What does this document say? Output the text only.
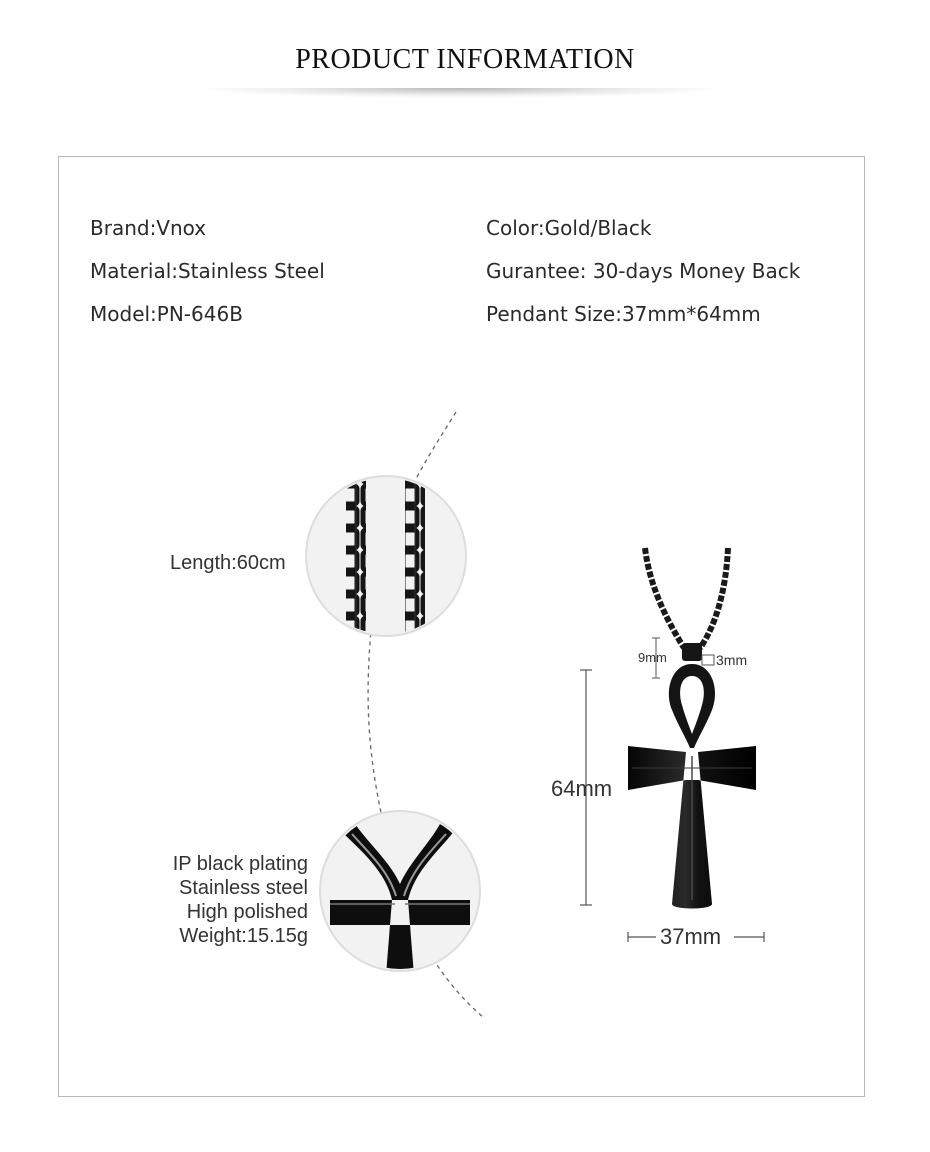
PRODUCT INFORMATION
Brand:Vnox
Material:Stainless Steel
Model:PN-646B
Color:Gold/Black
Gurantee: 30-days Money Back
Pendant Size:37mm*64mm
Length:60cm
IP black plating
Stainless steel
High polished
Weight:15.15g
64mm
37mm
9mm	3mm
